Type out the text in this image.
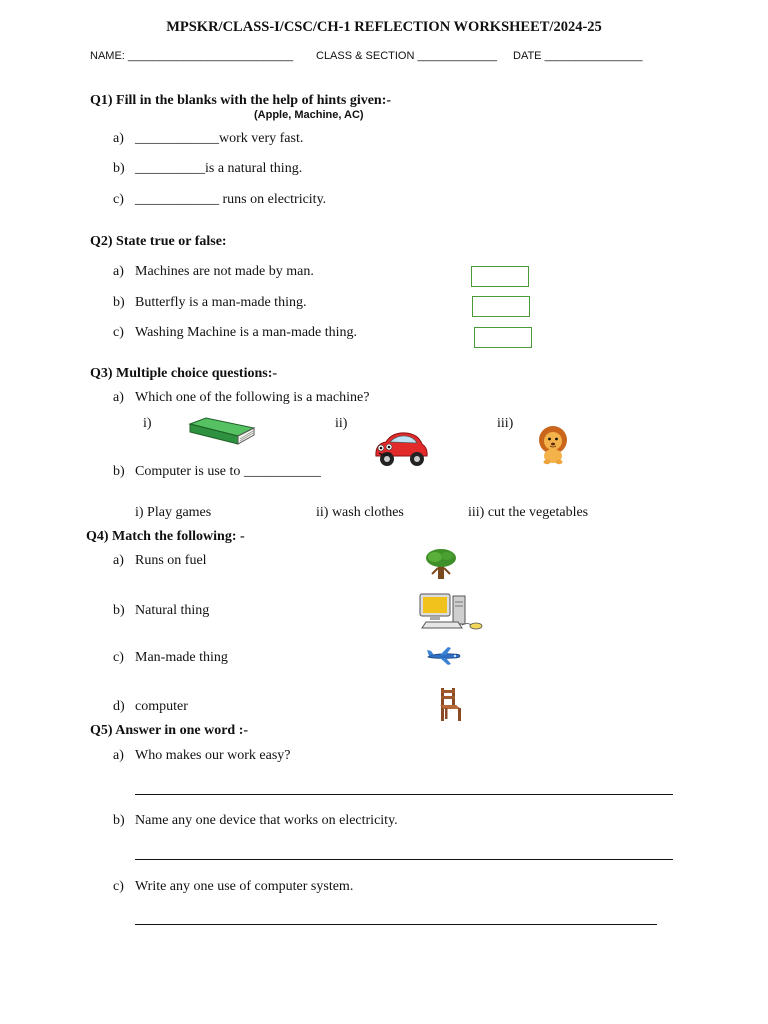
MPSKR/CLASS-I/CSC/CH-1 REFLECTION WORKSHEET/2024-25
NAME: ___________________________ CLASS & SECTION _____________ DATE ________________
Q1) Fill in the blanks with the help of hints given:-
(Apple, Machine, AC)
a) ____________work very fast.
b) __________is a natural thing.
c) ____________ runs on electricity.
Q2) State true or false:
a) Machines are not made by man.
b) Butterfly is a man-made thing.
c) Washing Machine is a man-made thing.
Q3) Multiple choice questions:-
a) Which one of the following is a machine?
i)	ii)	iii)
b) Computer is use to ___________
i) Play games	ii) wash clothes	iii) cut the vegetables
Q4) Match the following: -
a) Runs on fuel
b) Natural thing
c) Man-made thing
d) computer
Q5) Answer in one word :-
a) Who makes our work easy?
b) Name any one device that works on electricity.
c) Write any one use of computer system.
